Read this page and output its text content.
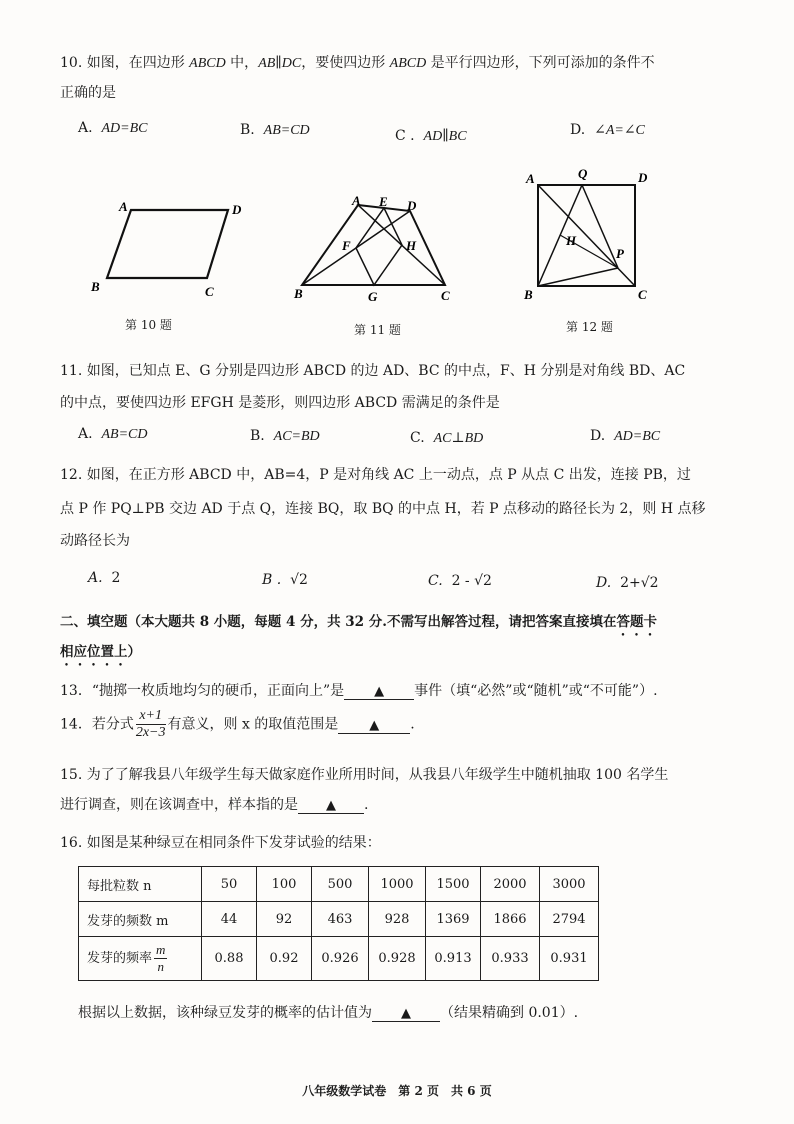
10. 如图，在四边形 ABCD 中，AB∥DC，要使四边形 ABCD 是平行四边形，下列可添加的条件不
正确的是
A. AD=BC	B. AB=CD	C . AD∥BC	D. ∠A=∠C
A	D
B	C
第 10 题
A E D
F	H
B	G	C
第 11 题
A	Q	D
H
P
B	C
第 12 题
11. 如图，已知点 E、G 分别是四边形 ABCD 的边 AD、BC 的中点，F、H 分别是对角线 BD、AC
的中点，要使四边形 EFGH 是菱形，则四边形 ABCD 需满足的条件是
A. AB=CD	B. AC=BD	C. AC⊥BD	D. AD=BC
12. 如图，在正方形 ABCD 中，AB=4，P 是对角线 AC 上一动点，点 P 从点 C 出发，连接 PB，过
点 P 作 PQ⊥PB 交边 AD 于点 Q，连接 BQ，取 BQ 的中点 H，若 P 点移动的路径长为 2，则 H 点移
动路径长为
A. 2	B . √2	C. 2 - √2	D. 2+√2
二、填空题（本大题共 8 小题，每题 4 分，共 32 分.不需写出解答过程，请把答案直接填在答题卡
相应位置上）
13．“抛掷一枚质地均匀的硬币，正面向上”是 ▲ 事件（填“必然”或“随机”或“不可能”）.
14．若分式 $\frac{x+1}{2x-3}$ 有意义，则 x 的取值范围是 ▲ .
15. 为了了解我县八年级学生每天做家庭作业所用时间，从我县八年级学生中随机抽取 100 名学生
进行调查，则在该调查中，样本指的是 ▲ .
16. 如图是某种绿豆在相同条件下发芽试验的结果：
每批粒数 n	50	100	500	1000	1500	2000	3000
发芽的频数 m	44	92	463	928	1369	1866	2794
发芽的频率 $\frac{m}{n}$	0.88	0.92	0.926	0.928	0.913	0.933	0.931
根据以上数据，该种绿豆发芽的概率的估计值为 ▲ （结果精确到 0.01）.
八年级数学试卷　第 2 页　共 6 页
